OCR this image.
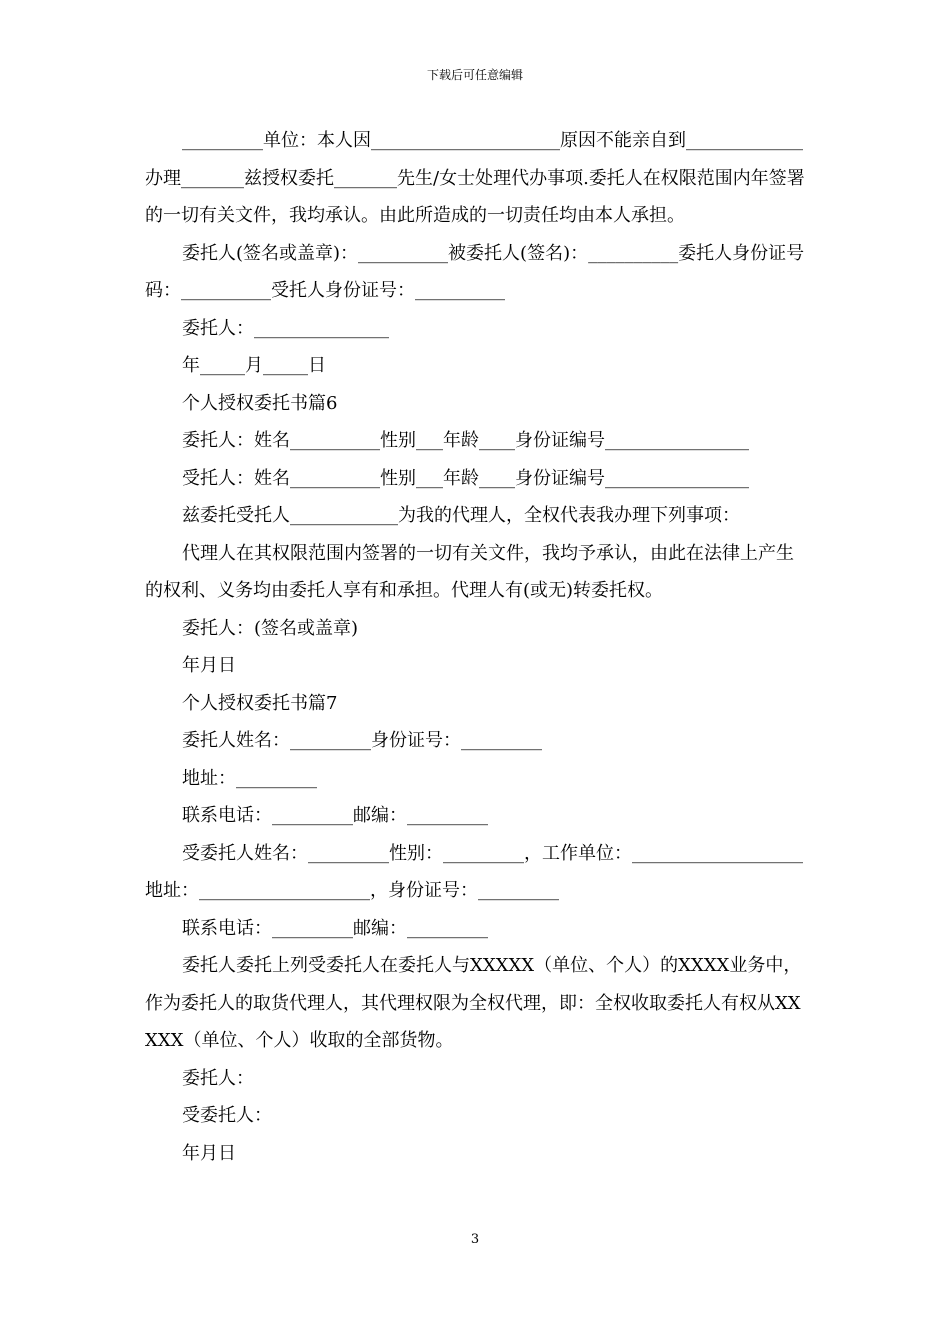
下载后可任意编辑

_________单位：本人因_____________________原因不能亲自到_____________办理_______兹授权委托_______先生/女士处理代办事项.委托人在权限范围内年签署的一切有关文件，我均承认。由此所造成的一切责任均由本人承担。

委托人(签名或盖章)：__________被委托人(签名)：__________委托人身份证号码：__________受托人身份证号：__________

委托人：_______________

年_____月_____日

个人授权委托书篇6

委托人：姓名__________性别___年龄____身份证编号________________

受托人：姓名__________性别___年龄____身份证编号________________

兹委托受托人____________为我的代理人，全权代表我办理下列事项：

代理人在其权限范围内签署的一切有关文件，我均予承认，由此在法律上产生的权利、义务均由委托人享有和承担。代理人有(或无)转委托权。

委托人：(签名或盖章)

年月日

个人授权委托书篇7

委托人姓名：_________身份证号：_________

地址：_________

联系电话：_________邮编：_________

受委托人姓名：_________性别：_________，工作单位：___________________地址：___________________，身份证号：_________

联系电话：_________邮编：_________

委托人委托上列受委托人在委托人与XXXXX（单位、个人）的XXXX业务中，作为委托人的取货代理人，其代理权限为全权代理，即：全权收取委托人有权从XXXXX（单位、个人）收取的全部货物。

委托人：

受委托人：

年月日

3
